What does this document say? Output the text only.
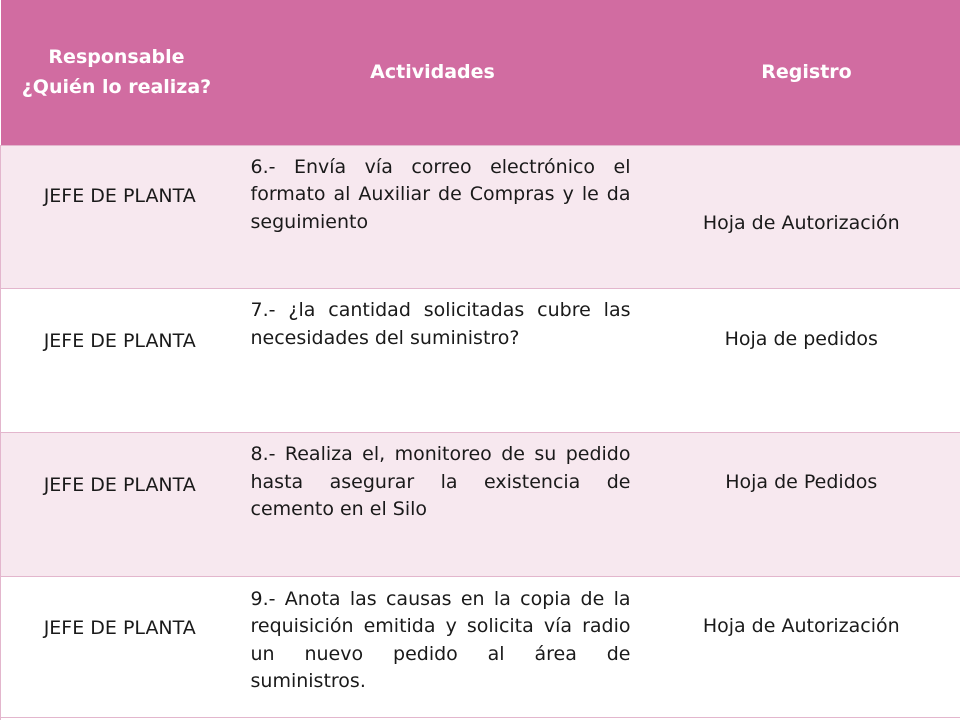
Responsable
¿Quién lo realiza?	Actividades	Registro
JEFE DE PLANTA	6.- Envía vía correo electrónico el formato al Auxiliar de Compras y le da seguimiento	Hoja de Autorización
JEFE DE PLANTA	7.- ¿la cantidad solicitadas cubre las necesidades del suministro?	Hoja de pedidos
JEFE DE PLANTA	8.- Realiza el, monitoreo de su pedido hasta asegurar la existencia de cemento en el Silo	Hoja de Pedidos
JEFE DE PLANTA	9.- Anota las causas en la copia de la requisición emitida y solicita vía radio un nuevo pedido al área de suministros.	Hoja de Autorización
